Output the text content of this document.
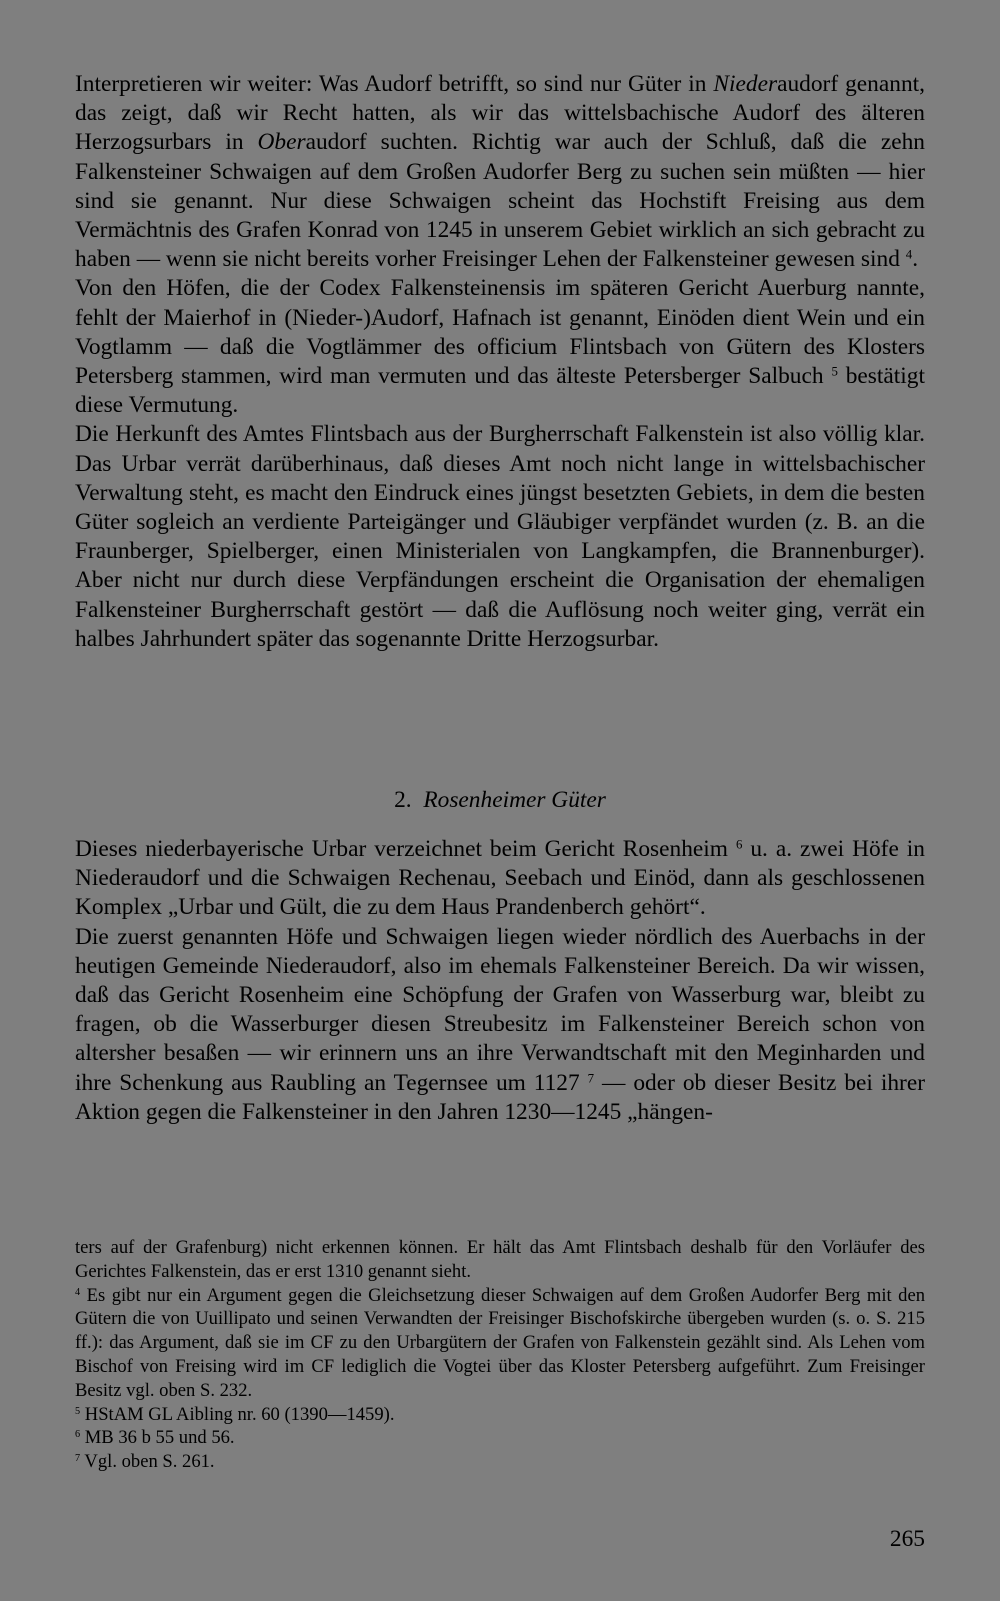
Interpretieren wir weiter: Was Audorf betrifft, so sind nur Güter in Niederaudorf genannt, das zeigt, daß wir Recht hatten, als wir das wittelsbachische Audorf des älteren Herzogsurbars in Oberaudorf suchten. Richtig war auch der Schluß, daß die zehn Falkensteiner Schwaigen auf dem Großen Audorfer Berg zu suchen sein müßten — hier sind sie genannt. Nur diese Schwaigen scheint das Hochstift Freising aus dem Vermächtnis des Grafen Konrad von 1245 in unserem Gebiet wirklich an sich gebracht zu haben — wenn sie nicht bereits vorher Freisinger Lehen der Falkensteiner gewesen sind $^4$.

Von den Höfen, die der Codex Falkensteinensis im späteren Gericht Auerburg nannte, fehlt der Maierhof in (Nieder-)Audorf, Hafnach ist genannt, Einöden dient Wein und ein Vogtlamm — daß die Vogtlämmer des officium Flintsbach von Gütern des Klosters Petersberg stammen, wird man vermuten und das älteste Petersberger Salbuch $^5$ bestätigt diese Vermutung.

Die Herkunft des Amtes Flintsbach aus der Burgherrschaft Falkenstein ist also völlig klar. Das Urbar verrät darüberhinaus, daß dieses Amt noch nicht lange in wittelsbachischer Verwaltung steht, es macht den Eindruck eines jüngst besetzten Gebiets, in dem die besten Güter sogleich an verdiente Parteigänger und Gläubiger verpfändet wurden (z. B. an die Fraunberger, Spielberger, einen Ministerialen von Langkampfen, die Brannenburger). Aber nicht nur durch diese Verpfändungen erscheint die Organisation der ehemaligen Falkensteiner Burgherrschaft gestört — daß die Auflösung noch weiter ging, verrät ein halbes Jahrhundert später das sogenannte Dritte Herzogsurbar.

2. Rosenheimer Güter

Dieses niederbayerische Urbar verzeichnet beim Gericht Rosenheim $^6$ u. a. zwei Höfe in Niederaudorf und die Schwaigen Rechenau, Seebach und Einöd, dann als geschlossenen Komplex „Urbar und Gült, die zu dem Haus Prandenberch gehört“.

Die zuerst genannten Höfe und Schwaigen liegen wieder nördlich des Auerbachs in der heutigen Gemeinde Niederaudorf, also im ehemals Falkensteiner Bereich. Da wir wissen, daß das Gericht Rosenheim eine Schöpfung der Grafen von Wasserburg war, bleibt zu fragen, ob die Wasserburger diesen Streubesitz im Falkensteiner Bereich schon von altersher besaßen — wir erinnern uns an ihre Verwandtschaft mit den Meginharden und ihre Schenkung aus Raubling an Tegernsee um 1127 $^7$ — oder ob dieser Besitz bei ihrer Aktion gegen die Falkensteiner in den Jahren 1230—1245 „hängen-

ters auf der Grafenburg) nicht erkennen können. Er hält das Amt Flintsbach deshalb für den Vorläufer des Gerichtes Falkenstein, das er erst 1310 genannt sieht.

$^4$ Es gibt nur ein Argument gegen die Gleichsetzung dieser Schwaigen auf dem Großen Audorfer Berg mit den Gütern die von Uuillipato und seinen Verwandten der Freisinger Bischofskirche übergeben wurden (s. o. S. 215 ff.): das Argument, daß sie im CF zu den Urbargütern der Grafen von Falkenstein gezählt sind. Als Lehen vom Bischof von Freising wird im CF lediglich die Vogtei über das Kloster Petersberg aufgeführt. Zum Freisinger Besitz vgl. oben S. 232.

$^5$ HStAM GL Aibling nr. 60 (1390—1459).

$^6$ MB 36 b 55 und 56.

$^7$ Vgl. oben S. 261.

265
